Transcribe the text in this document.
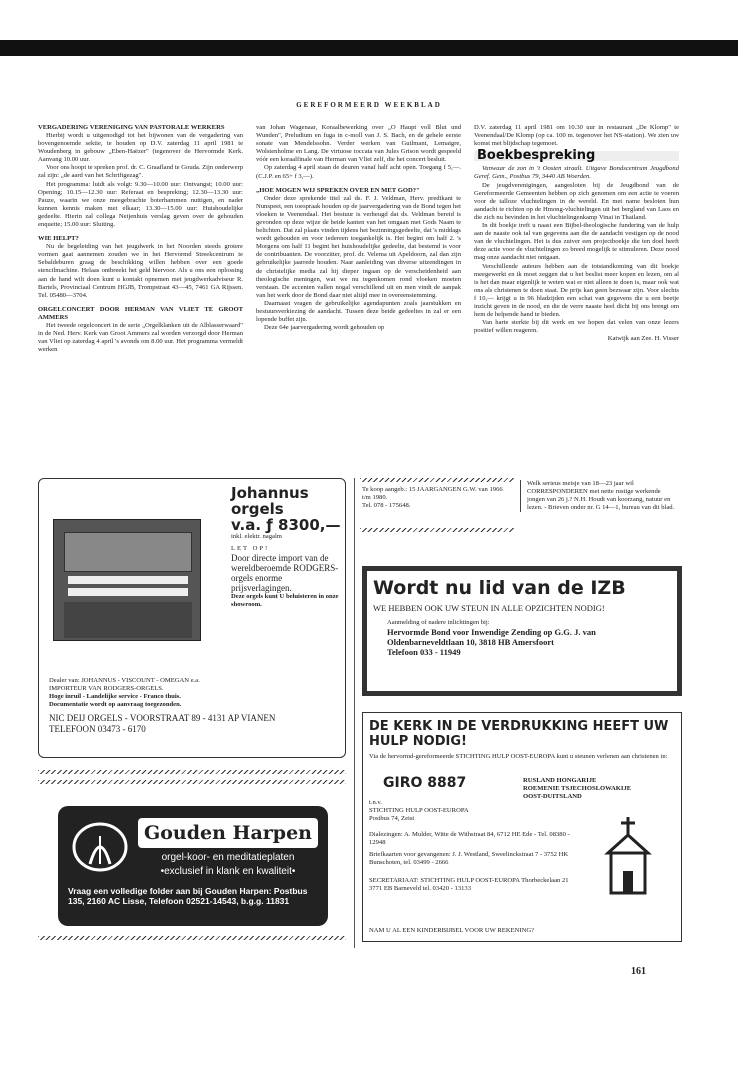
GEREFORMEERD WEEKBLAD
VERGADERING VERENIGING VAN PASTORALE WERKERS

Hierbij wordt u uitgenodigd tot het bijwonen van de vergadering van bovengenoemde sektie, te houden op D.V. zaterdag 11 april 1981 te Woudenberg in gebouw „Eben-Haëzer" (tegenover de Hervormde Kerk. Aanvang 10.00 uur.

Voor ons hoopt te spreken prof. dr. C. Graafland te Gouda. Zijn onderwerp zal zijn: „de aard van het Schriftgezag".

Het programma: luidt als volgt: 9.30—10.00 uur: Ontvangst; 10.00 uur: Opening; 10.15—12.30 uur: Referaat en bespreking; 12.30—13.30 uur: Pauze, waarin we onze meegebrachte boterhammen nuttigen, en nader kunnen kennis maken met elkaar; 13.30—15.00 uur: Huishoudelijke gedeelte. Hierin zal collega Neijenhuis verslag geven over de gehouden enquette; 15.00 uur: Sluiting.

WIE HELPT?

Nu de begeleiding van het jeugdwerk in het Noorden steeds grotere vormen gaat aannemen zouden we in het Hervormd Streekcentrum te Sebaldeburen graag de beschikking willen hebben over een goede stencilmachine. Helaas ontbreekt het geld hiervoor. Als u ons een oplossing aan de hand wilt doen kunt u kontakt opnemen met jeugdwerkadviseur R. Bartels, Provinciaal Centrum HGJB, Trompstraat 43—45, 7461 GA Rijssen. Tel. 05480—3704.

ORGELCONCERT DOOR HERMAN VAN VLIET TE GROOT AMMERS

Het tweede orgelconcert in de serie „Orgelklanken uit de Alblasserwaard" in de Ned. Herv. Kerk van Groot Ammers zal worden verzorgd door Herman van Vliet op zaterdag 4 april 's avonds om 8.00 uur. Het programma vermeldt werken

van Johan Wagenaar, Koraalbewerking over „O Haupt voll Blut und Wunden", Preludium en fuga in c-moll van J. S. Bach, en de gehele eerste sonate van Mendelssohn. Verder werken van Guilmant, Lemaigre, Wolstenholme en Lang. De virtuose toccata van Jules Grison wordt gespeeld vóór een koraalfinale van Herman van Vliet zelf, die het concert besluit.

Op zaterdag 4 april staan de deuren vanaf half acht open. Toegang f 5,—. (C.J.P. en 65+ f 3,—).

„HOE MOGEN WIJ SPREKEN OVER EN MET GOD?"

Onder deze sprekende titel zal ds. F. J. Veldman, Herv. predikant te Nunspeet, een toespraak houden op de jaarvergadering van de Bond tegen het vloeken te Veenendaal. Het bestuur is verheugd dat ds. Veldman bereid is gevonden op deze wijze de beide kanten van het omgaan met Gods Naam te belichten. Dat zal plaats vinden tijdens het bezinningsgedeelte, dat 's middags wordt gehouden en voor iedereen toegankelijk is. Het begint om half 2. 's Morgens om half 11 begint het huishoudelijke gedeelte, dat bestemd is voor de contribuanten. De voorzitter, prof. dr. Velema uit Apeldoorn, zal dan zijn gebruikelijke jaarrede houden. Naar aanleiding van diverse uitzendingen in de christelijke media zal hij dieper ingaan op de verscheidenheid aan theologische meningen, wat we nu tegenkomen rond vloeken moeten verstaan. De accenten vallen nogal verschillend uit en men vindt de aanpak van het werk door de Bond daar niet altijd mee in overeenstemming.

Daarnaast vragen de gebruikelijke agendapunten zoals jaarstukken en bestuursverkiezing de aandacht. Tussen deze beide gedeeltes in zal er een lopende buffet zijn.

Deze 64e jaarvergadering wordt gehouden op

D.V. zaterdag 11 april 1981 om 10.30 uur in restaurant „De Klomp" te Veenendaal/De Klomp (op ca. 100 m. tegenover het NS-station). We zien uw komst met blijdschap tegemoet.

Boekbespreking

Vanwaar de zon in 't Oosten straalt. Uitgave Bondscentrum Jeugdbond Geref. Gem., Postbus 79, 3440 AB Woerden.

De jeugdverenigingen, aangesloten bij de Jeugdbond van de Gereformeerde Gemeenten hebben op zich genomen om een actie te voeren voor de talloze vluchtelingen in de wereld. En met name besloten hun aandacht te richten op de Hmong-vluchtelingen uit het bergland van Laos en die zich nu bevinden in het vluchtelingenkamp Vinai in Thailand.

In dit boekje treft u naast een Bijbel-theologische fundering van de hulp aan de naaste ook tal van gegevens aan die de aandacht vestigen op de nood van de vluchtelingen. Het is dus zuiver een projectboekje die ten doel heeft deze actie voor de vluchtelingen zo breed mogelijk te stimuleren. Deze nood mag onze aandacht niet ontgaan.

Verschillende auteurs hebben aan de totstandkoming van dit boekje meegewerkt en ik moet zeggen dat u het beslist meer kopen en lezen, om al is het dan maar eigenlijk te weten wat er niet alleen te doen is, maar ook wat ons als christenen te doen staat. De prijs kan geen bezwaar zijn. Voor slechts f 10,— krijgt u in 96 bladzijden een schat van gegevens die u een beetje inzicht geven in de nood, en die de verre naaste heel dicht bij ons brengt om hem de helpende hand te bieden.

Van harte sterkte bij dit werk en we hopen dat velen van onze lezers positief willen reageren.

Katwijk aan Zee. H. Visser

Johannus
orgels
v.a. ƒ 8300,—
inkl. elektr. nagalm
LET OP!
Door directe import van de wereldberoemde RODGERS-orgels enorme prijsverlagingen.
Deze orgels kunt U beluisteren in onze showroom.
Dealer van: JOHANNUS - VISCOUNT - OMEGAN e.a.
IMPORTEUR VAN RODGERS-ORGELS.
Hoge inruil - Landelijke service - Franco thuis.
Documentatie wordt op aanvraag toegezonden.
NIC DEIJ ORGELS - VOORSTRAAT 89 - 4131 AP VIANEN
TELEFOON 03473 - 6170
Te koop aangeb.: 15 JAARGANGEN G.W. van 1966 t/m 1980.
Tel. 078 - 175648.
Welk serieus meisje van 18—23 jaar wil CORRESPONDEREN met nette rustige werkende jongen van 26 j.? N.H. Houdt van koorzang, natuur en lezen. - Brieven onder nr. G 14—1, bureau van dit blad.
Wordt nu lid van de IZB
WE HEBBEN OOK UW STEUN IN ALLE OPZICHTEN NODIG!
Aanmelding of nadere inlichtingen bij:
Hervormde Bond voor Inwendige Zending op G.G. J. van Oldenbarneveldtlaan 10, 3818 HB Amersfoort
Telefoon 033 - 11949
DE KERK IN DE VERDRUKKING HEEFT UW HULP NODIG!
Via de hervormd-gereformeerde STICHTING HULP OOST-EUROPA kunt u steunen verlenen aan christenen in:
GIRO 8887
t.n.v.
STICHTING HULP OOST-EUROPA
Postbus 74, Zeist
RUSLAND HONGARIJE ROEMENIE TSJECHOSLOWAKIJE OOST-DUITSLAND
Dialezingen: A. Mulder, Witte de Withstraat 84, 6712 HE Ede - Tel. 08380 - 12948
Briefkaarten voor gevangenen: J. J. Westland, Sweelinckstraat 7 - 3752 HK Bunschoten, tel. 03499 - 2666
SECRETARIAAT: STICHTING HULP OOST-EUROPA Thorbeckelaan 21 3771 EB Barneveld tel. 03420 - 13133
NAM U AL EEN KINDERBIJBEL VOOR UW REKENING?
Gouden Harpen
orgel-koor- en meditatieplaten
•exclusief in klank en kwaliteit•
Vraag een volledige folder aan bij Gouden Harpen: Postbus 135, 2160 AC Lisse, Telefoon 02521-14543, b.g.g. 11831
161
